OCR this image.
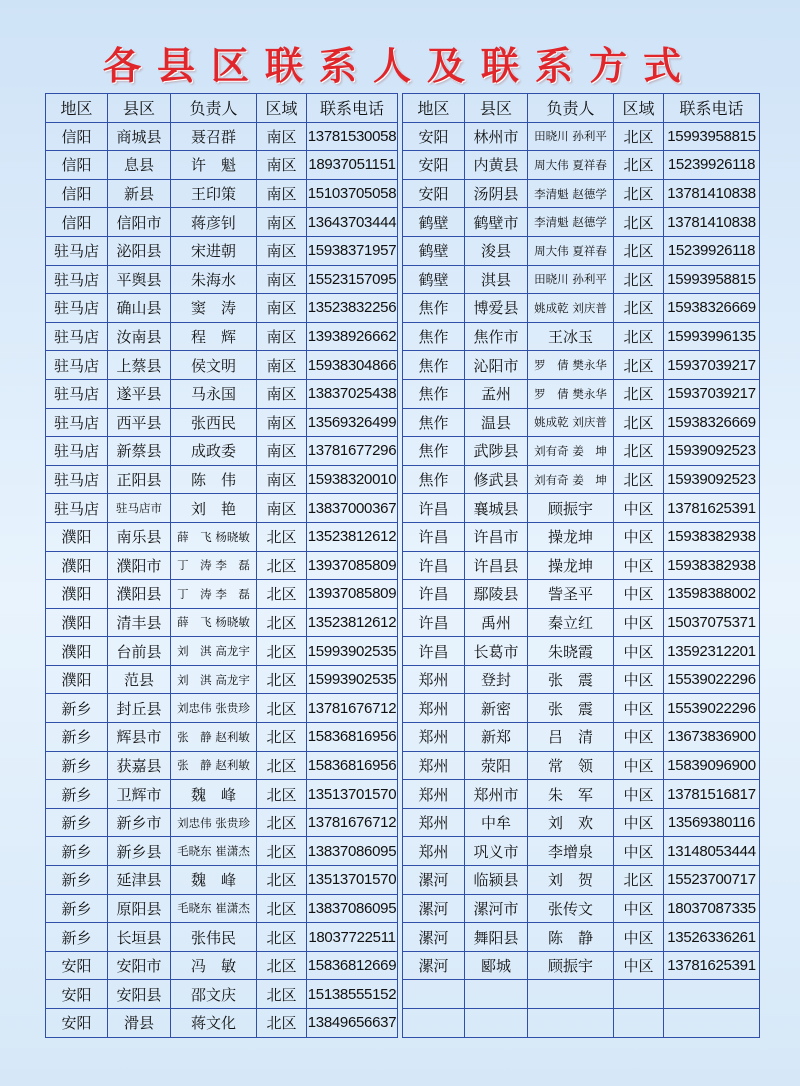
各县区联系人及联系方式
地区	县区	负责人	区域	联系电话
信阳	商城县	聂召群	南区	13781530058
信阳	息县	许　魁	南区	18937051151
信阳	新县	王印策	南区	15103705058
信阳	信阳市	蒋彦钊	南区	13643703444
驻马店	泌阳县	宋进朝	南区	15938371957
驻马店	平舆县	朱海水	南区	15523157095
驻马店	确山县	窦　涛	南区	13523832256
驻马店	汝南县	程　辉	南区	13938926662
驻马店	上蔡县	侯文明	南区	15938304866
驻马店	遂平县	马永国	南区	13837025438
驻马店	西平县	张西民	南区	13569326499
驻马店	新蔡县	成政委	南区	13781677296
驻马店	正阳县	陈　伟	南区	15938320010
驻马店	驻马店市	刘　艳	南区	13837000367
濮阳	南乐县	薛　飞 杨晓敏	北区	13523812612
濮阳	濮阳市	丁　涛 李　磊	北区	13937085809
濮阳	濮阳县	丁　涛 李　磊	北区	13937085809
濮阳	清丰县	薛　飞 杨晓敏	北区	13523812612
濮阳	台前县	刘　淇 高龙宇	北区	15993902535
濮阳	范县	刘　淇 高龙宇	北区	15993902535
新乡	封丘县	刘忠伟 张贵珍	北区	13781676712
新乡	辉县市	张　静 赵利敏	北区	15836816956
新乡	获嘉县	张　静 赵利敏	北区	15836816956
新乡	卫辉市	魏　峰	北区	13513701570
新乡	新乡市	刘忠伟 张贵珍	北区	13781676712
新乡	新乡县	毛晓东 崔潇杰	北区	13837086095
新乡	延津县	魏　峰	北区	13513701570
新乡	原阳县	毛晓东 崔潇杰	北区	13837086095
新乡	长垣县	张伟民	北区	18037722511
安阳	安阳市	冯　敏	北区	15836812669
安阳	安阳县	邵文庆	北区	15138555152
安阳	滑县	蒋文化	北区	13849656637
地区	县区	负责人	区域	联系电话
安阳	林州市	田晓川 孙利平	北区	15993958815
安阳	内黄县	周大伟 夏祥春	北区	15239926118
安阳	汤阴县	李清魁 赵德学	北区	13781410838
鹤壁	鹤壁市	李清魁 赵德学	北区	13781410838
鹤壁	浚县	周大伟 夏祥春	北区	15239926118
鹤壁	淇县	田晓川 孙利平	北区	15993958815
焦作	博爱县	姚成乾 刘庆普	北区	15938326669
焦作	焦作市	王冰玉	北区	15993996135
焦作	沁阳市	罗　倩 樊永华	北区	15937039217
焦作	孟州	罗　倩 樊永华	北区	15937039217
焦作	温县	姚成乾 刘庆普	北区	15938326669
焦作	武陟县	刘有奇 姜　坤	北区	15939092523
焦作	修武县	刘有奇 姜　坤	北区	15939092523
许昌	襄城县	顾振宇	中区	13781625391
许昌	许昌市	操龙坤	中区	15938382938
许昌	许昌县	操龙坤	中区	15938382938
许昌	鄢陵县	訾圣平	中区	13598388002
许昌	禹州	秦立红	中区	15037075371
许昌	长葛市	朱晓霞	中区	13592312201
郑州	登封	张　震	中区	15539022296
郑州	新密	张　震	中区	15539022296
郑州	新郑	吕　清	中区	13673836900
郑州	荥阳	常　领	中区	15839096900
郑州	郑州市	朱　军	中区	13781516817
郑州	中牟	刘　欢	中区	13569380116
郑州	巩义市	李增泉	中区	13148053444
漯河	临颍县	刘　贺	北区	15523700717
漯河	漯河市	张传文	中区	18037087335
漯河	舞阳县	陈　静	中区	13526336261
漯河	郾城	顾振宇	中区	13781625391
